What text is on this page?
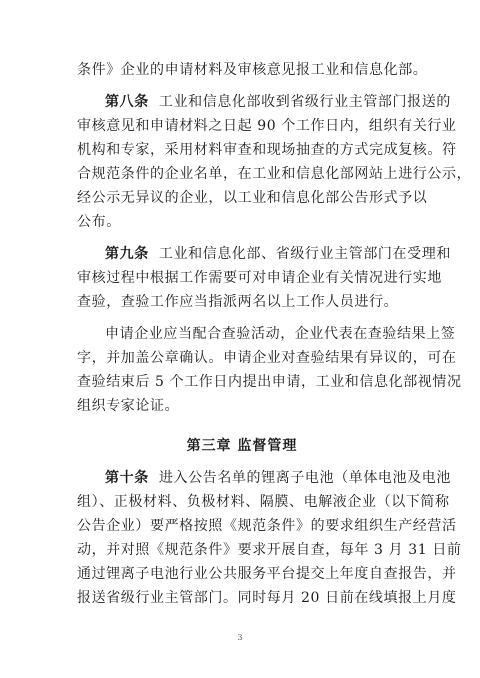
条件》企业的申请材料及审核意见报工业和信息化部。
第八条 工业和信息化部收到省级行业主管部门报送的
审核意见和申请材料之日起 90 个工作日内，组织有关行业
机构和专家，采用材料审查和现场抽查的方式完成复核。符
合规范条件的企业名单，在工业和信息化部网站上进行公示，
经公示无异议的企业，以工业和信息化部公告形式予以
公布。
第九条 工业和信息化部、省级行业主管部门在受理和
审核过程中根据工作需要可对申请企业有关情况进行实地
查验，查验工作应当指派两名以上工作人员进行。
申请企业应当配合查验活动，企业代表在查验结果上签
字，并加盖公章确认。申请企业对查验结果有异议的，可在
查验结束后 5 个工作日内提出申请，工业和信息化部视情况
组织专家论证。
第三章 监督管理
第十条 进入公告名单的锂离子电池（单体电池及电池
组）、正极材料、负极材料、隔膜、电解液企业（以下简称
公告企业）要严格按照《规范条件》的要求组织生产经营活
动，并对照《规范条件》要求开展自查，每年 3 月 31 日前
通过锂离子电池行业公共服务平台提交上年度自查报告，并
报送省级行业主管部门。同时每月 20 日前在线填报上月度
3
